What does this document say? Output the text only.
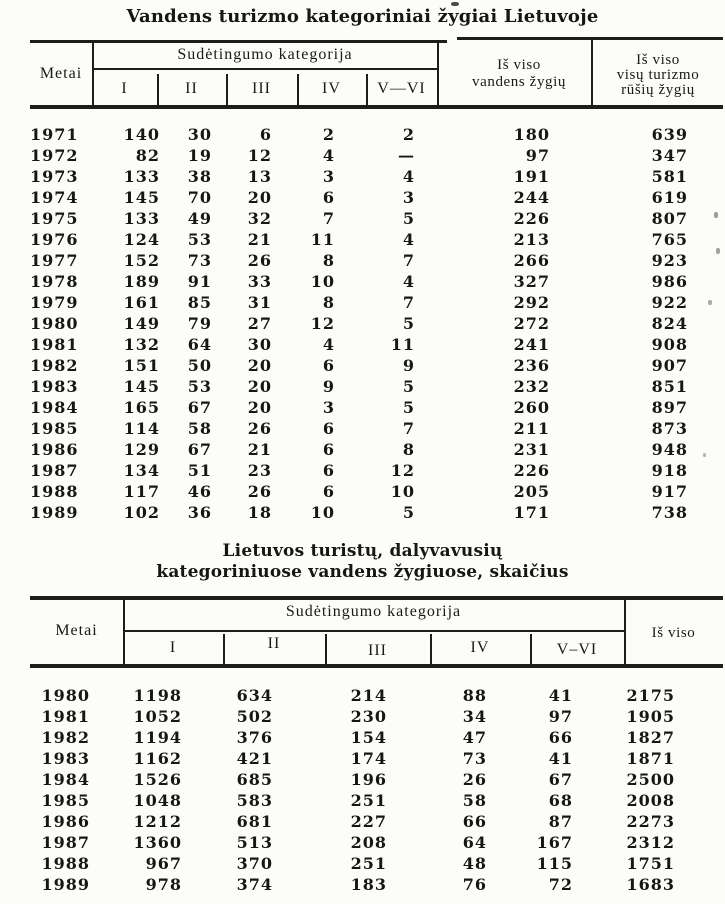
Vandens turizmo kategoriniai žygiai Lietuvoje
Metai
Sudėtingumo kategorija
I	II	III	IV	V—VI
Iš viso
vandens žygių
Iš viso
visų turizmo
rūšių žygių
1971	140	30	6	2	2	180	639
1972	82	19	12	4	—	97	347
1973	133	38	13	3	4	191	581
1974	145	70	20	6	3	244	619
1975	133	49	32	7	5	226	807
1976	124	53	21	11	4	213	765
1977	152	73	26	8	7	266	923
1978	189	91	33	10	4	327	986
1979	161	85	31	8	7	292	922
1980	149	79	27	12	5	272	824
1981	132	64	30	4	11	241	908
1982	151	50	20	6	9	236	907
1983	145	53	20	9	5	232	851
1984	165	67	20	3	5	260	897
1985	114	58	26	6	7	211	873
1986	129	67	21	6	8	231	948
1987	134	51	23	6	12	226	918
1988	117	46	26	6	10	205	917
1989	102	36	18	10	5	171	738
Lietuvos turistų, dalyvavusių
kategoriniuose vandens žygiuose, skaičius
Metai
Sudėtingumo kategorija
I	II	III	IV	V–VI
Iš viso
1980	1198	634	214	88	41	2175
1981	1052	502	230	34	97	1905
1982	1194	376	154	47	66	1827
1983	1162	421	174	73	41	1871
1984	1526	685	196	26	67	2500
1985	1048	583	251	58	68	2008
1986	1212	681	227	66	87	2273
1987	1360	513	208	64	167	2312
1988	967	370	251	48	115	1751
1989	978	374	183	76	72	1683
